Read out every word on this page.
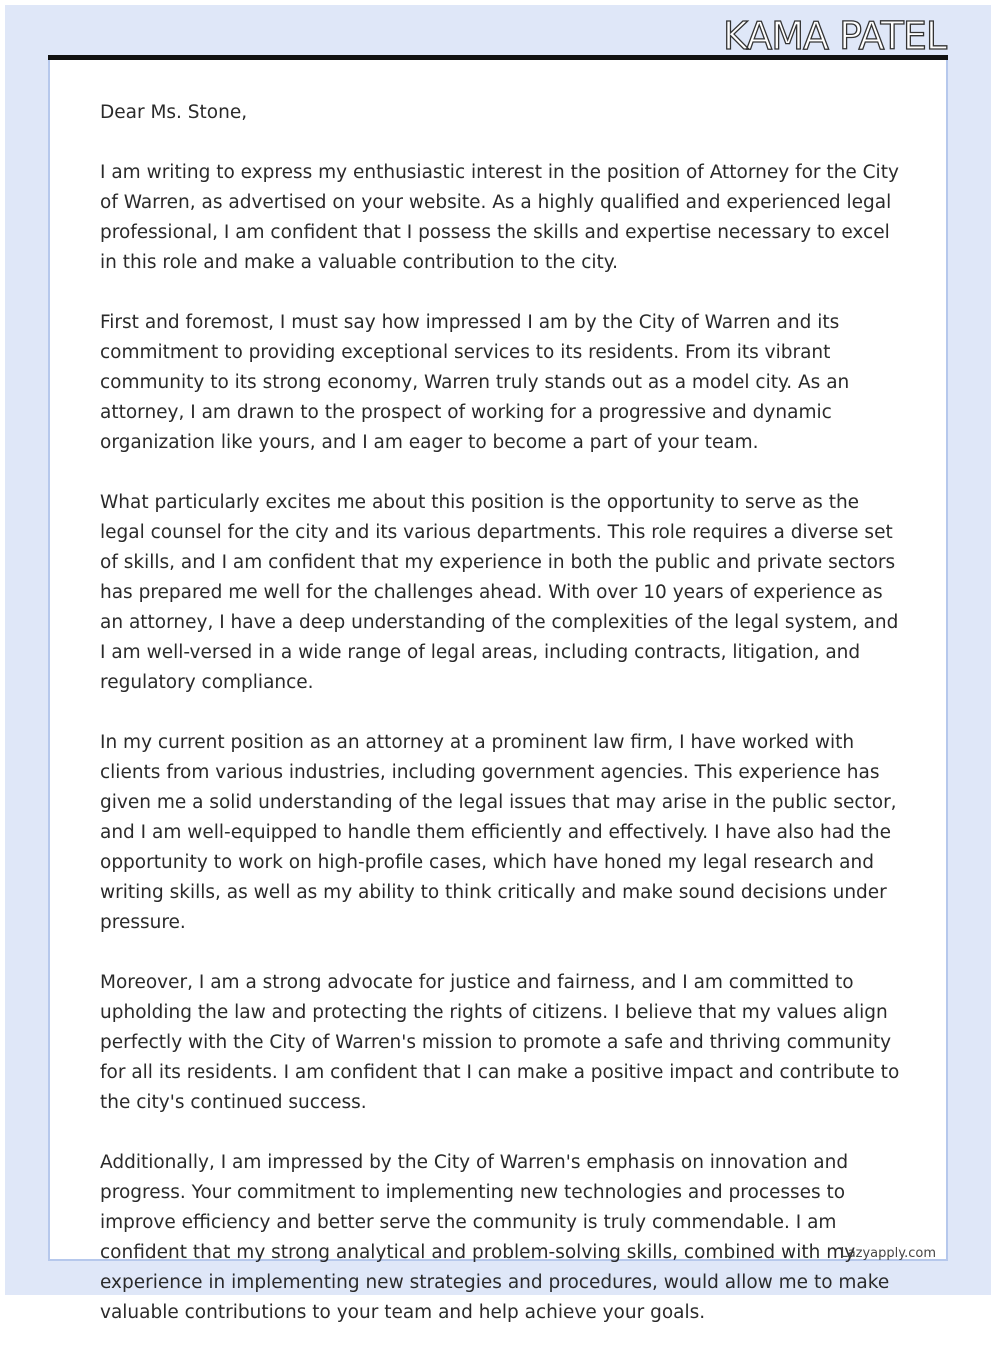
KAMA PATEL

Dear Ms. Stone,

I am writing to express my enthusiastic interest in the position of Attorney for the City of Warren, as advertised on your website. As a highly qualified and experienced legal professional, I am confident that I possess the skills and expertise necessary to excel in this role and make a valuable contribution to the city.

First and foremost, I must say how impressed I am by the City of Warren and its commitment to providing exceptional services to its residents. From its vibrant community to its strong economy, Warren truly stands out as a model city. As an attorney, I am drawn to the prospect of working for a progressive and dynamic organization like yours, and I am eager to become a part of your team.

What particularly excites me about this position is the opportunity to serve as the legal counsel for the city and its various departments. This role requires a diverse set of skills, and I am confident that my experience in both the public and private sectors has prepared me well for the challenges ahead. With over 10 years of experience as an attorney, I have a deep understanding of the complexities of the legal system, and I am well-versed in a wide range of legal areas, including contracts, litigation, and regulatory compliance.

In my current position as an attorney at a prominent law firm, I have worked with clients from various industries, including government agencies. This experience has given me a solid understanding of the legal issues that may arise in the public sector, and I am well-equipped to handle them efficiently and effectively. I have also had the opportunity to work on high-profile cases, which have honed my legal research and writing skills, as well as my ability to think critically and make sound decisions under pressure.

Moreover, I am a strong advocate for justice and fairness, and I am committed to upholding the law and protecting the rights of citizens. I believe that my values align perfectly with the City of Warren's mission to promote a safe and thriving community for all its residents. I am confident that I can make a positive impact and contribute to the city's continued success.

Additionally, I am impressed by the City of Warren's emphasis on innovation and progress. Your commitment to implementing new technologies and processes to improve efficiency and better serve the community is truly commendable. I am confident that my strong analytical and problem-solving skills, combined with my experience in implementing new strategies and procedures, would allow me to make valuable contributions to your team and help achieve your goals.

Lazyapply.com
